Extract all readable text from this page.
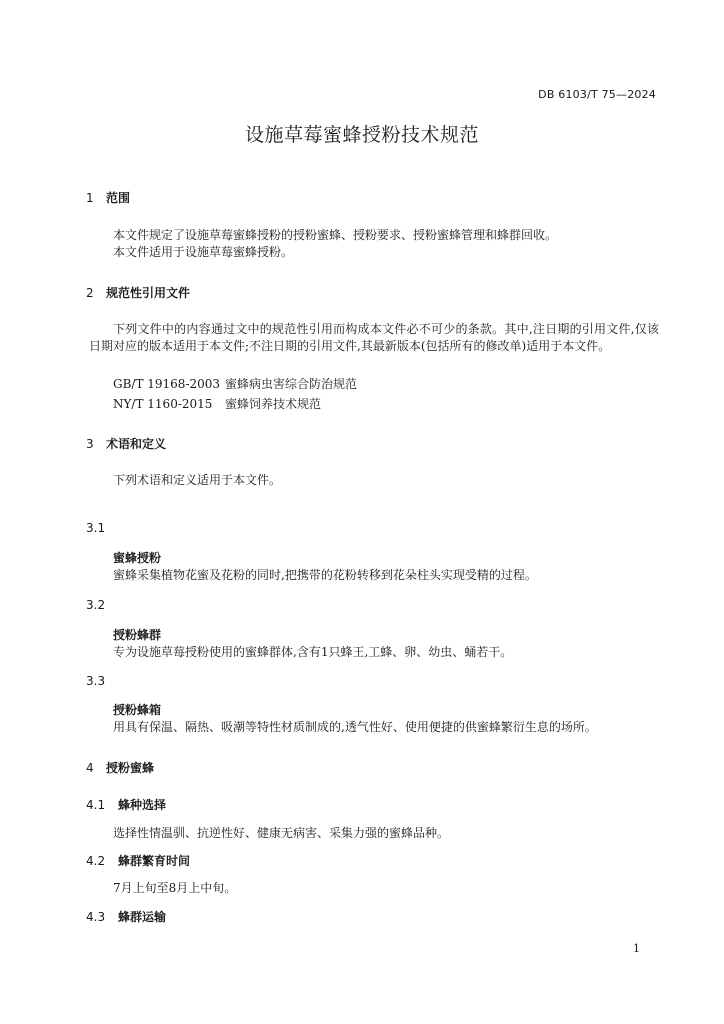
DB 6103/T 75—2024
设施草莓蜜蜂授粉技术规范
1 范围
本文件规定了设施草莓蜜蜂授粉的授粉蜜蜂、授粉要求、授粉蜜蜂管理和蜂群回收。
本文件适用于设施草莓蜜蜂授粉。
2 规范性引用文件
下列文件中的内容通过文中的规范性引用而构成本文件必不可少的条款。其中,注日期的引用文件,仅该日期对应的版本适用于本文件;不注日期的引用文件,其最新版本(包括所有的修改单)适用于本文件。
GB/T 19168-2003 蜜蜂病虫害综合防治规范
NY/T 1160-2015 蜜蜂饲养技术规范
3 术语和定义
下列术语和定义适用于本文件。
3.1
蜜蜂授粉
蜜蜂采集植物花蜜及花粉的同时,把携带的花粉转移到花朵柱头实现受精的过程。
3.2
授粉蜂群
专为设施草莓授粉使用的蜜蜂群体,含有1只蜂王,工蜂、卵、幼虫、蛹若干。
3.3
授粉蜂箱
用具有保温、隔热、吸潮等特性材质制成的,透气性好、使用便捷的供蜜蜂繁衍生息的场所。
4 授粉蜜蜂
4.1 蜂种选择
选择性情温驯、抗逆性好、健康无病害、采集力强的蜜蜂品种。
4.2 蜂群繁育时间
7月上旬至8月上中旬。
4.3 蜂群运输
1
